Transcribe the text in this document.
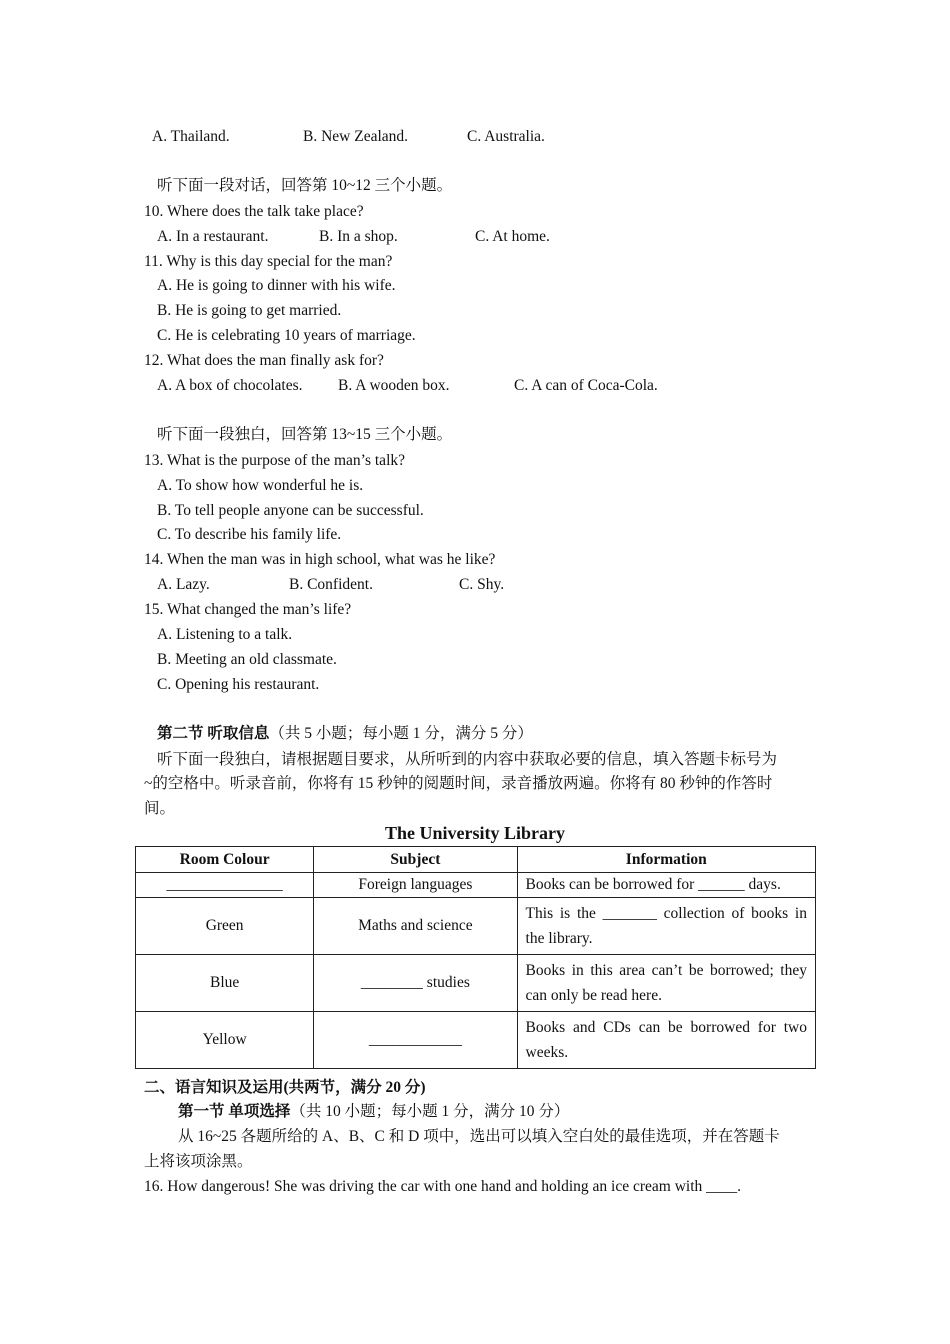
A. Thailand.	B. New Zealand.	C. Australia.
听下面一段对话，回答第 10~12 三个小题。
10. Where does the talk take place?
A. In a restaurant.	B. In a shop.	C. At home.
11. Why is this day special for the man?
A. He is going to dinner with his wife.
B. He is going to get married.
C. He is celebrating 10 years of marriage.
12. What does the man finally ask for?
A. A box of chocolates. B. A wooden box.	C. A can of Coca-Cola.
听下面一段独白，回答第 13~15 三个小题。
13. What is the purpose of the man’s talk?
A. To show how wonderful he is.
B. To tell people anyone can be successful.
C. To describe his family life.
14. When the man was in high school, what was he like?
A. Lazy.	B. Confident.	C. Shy.
15. What changed the man’s life?
A. Listening to a talk.
B. Meeting an old classmate.
C. Opening his restaurant.
第二节 听取信息（共 5 小题；每小题 1 分，满分 5 分）
听下面一段独白，请根据题目要求，从所听到的内容中获取必要的信息，填入答题卡标号为
~的空格中。听录音前，你将有 15 秒钟的阅题时间，录音播放两遍。你将有 80 秒钟的作答时
间。
The University Library
Room Colour	Subject	Information
_______________	Foreign languages	Books can be borrowed for ______ days.
Green	Maths and science	This is the _______ collection of books in the library.
Blue	________ studies	Books in this area can’t be borrowed; they can only be read here.
Yellow	____________	Books and CDs can be borrowed for two weeks.
二、语言知识及运用(共两节，满分 20 分)
第一节 单项选择（共 10 小题；每小题 1 分，满分 10 分）
从 16~25 各题所给的 A、B、C 和 D 项中，选出可以填入空白处的最佳选项，并在答题卡
上将该项涂黑。
16. How dangerous! She was driving the car with one hand and holding an ice cream with ____.
